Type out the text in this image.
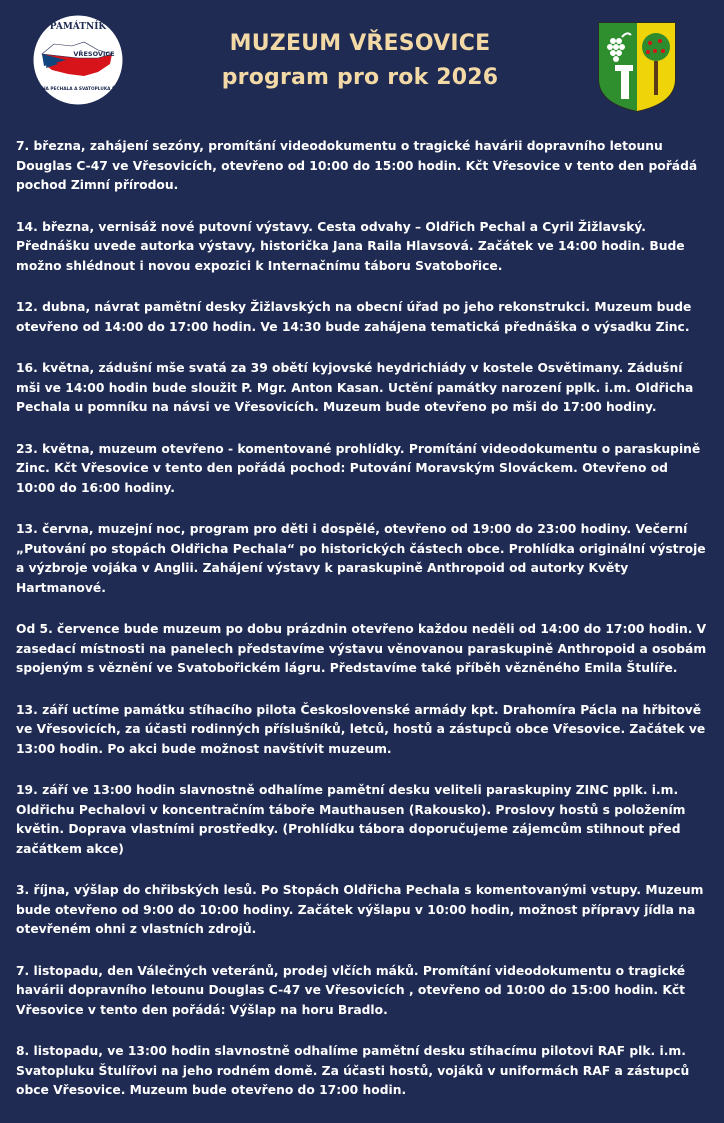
PAMÁTNÍK
VŘESOVICE
OLDŘICHA PECHALA A SVATOPLUKA ŠTULÍŘE
MUZEUM VŘESOVICE
program pro rok 2026

7. března, zahájení sezóny, promítání videodokumentu o tragické havárii dopravního letounu Douglas C-47 ve Vřesovicích, otevřeno od 10:00 do 15:00 hodin. Kčt Vřesovice v tento den pořádá pochod Zimní přírodou.

14. března, vernisáž nové putovní výstavy. Cesta odvahy – Oldřich Pechal a Cyril Žižlavský. Přednášku uvede autorka výstavy, historička Jana Raila Hlavsová. Začátek ve 14:00 hodin. Bude možno shlédnout i novou expozici k Internačnímu táboru Svatobořice.

12. dubna, návrat pamětní desky Žižlavských na obecní úřad po jeho rekonstrukci. Muzeum bude otevřeno od 14:00 do 17:00 hodin. Ve 14:30 bude zahájena tematická přednáška o výsadku Zinc.

16. května, zádušní mše svatá za 39 obětí kyjovské heydrichiády v kostele Osvětimany. Zádušní mši ve 14:00 hodin bude sloužit P. Mgr. Anton Kasan. Uctění památky narození pplk. i.m. Oldřicha Pechala u pomníku na návsi ve Vřesovicích. Muzeum bude otevřeno po mši do 17:00 hodiny.

23. května, muzeum otevřeno - komentované prohlídky. Promítání videodokumentu o paraskupině Zinc. Kčt Vřesovice v tento den pořádá pochod: Putování Moravským Slováckem. Otevřeno od 10:00 do 16:00 hodiny.

13. června, muzejní noc, program pro děti i dospělé, otevřeno od 19:00 do 23:00 hodiny. Večerní „Putování po stopách Oldřicha Pechala“ po historických částech obce. Prohlídka originální výstroje a výzbroje vojáka v Anglii. Zahájení výstavy k paraskupině Anthropoid od autorky Květy Hartmanové.

Od 5. července bude muzeum po dobu prázdnin otevřeno každou neděli od 14:00 do 17:00 hodin. V zasedací místnosti na panelech představíme výstavu věnovanou paraskupině Anthropoid a osobám spojeným s věznění ve Svatobořickém lágru. Představíme také příběh vězněného Emila Štulíře.

13. září uctíme památku stíhacího pilota Československé armády kpt. Drahomíra Pácla na hřbitově ve Vřesovicích, za účasti rodinných příslušníků, letců, hostů a zástupců obce Vřesovice. Začátek ve 13:00 hodin. Po akci bude možnost navštívit muzeum.

19. září ve 13:00 hodin slavnostně odhalíme pamětní desku veliteli paraskupiny ZINC pplk. i.m. Oldřichu Pechalovi v koncentračním táboře Mauthausen (Rakousko). Proslovy hostů s položením květin. Doprava vlastními prostředky. (Prohlídku tábora doporučujeme zájemcům stihnout před začátkem akce)

3. října, výšlap do chřibských lesů. Po Stopách Oldřicha Pechala s komentovanými vstupy. Muzeum bude otevřeno od 9:00 do 10:00 hodiny. Začátek výšlapu v 10:00 hodin, možnost přípravy jídla na otevřeném ohni z vlastních zdrojů.

7. listopadu, den Válečných veteránů, prodej vlčích máků. Promítání videodokumentu o tragické havárii dopravního letounu Douglas C-47 ve Vřesovicích , otevřeno od 10:00 do 15:00 hodin. Kčt Vřesovice v tento den pořádá: Výšlap na horu Bradlo.

8. listopadu, ve 13:00 hodin slavnostně odhalíme pamětní desku stíhacímu pilotovi RAF plk. i.m. Svatopluku Štulířovi na jeho rodném domě. Za účasti hostů, vojáků v uniformách RAF a zástupců obce Vřesovice. Muzeum bude otevřeno do 17:00 hodin.
